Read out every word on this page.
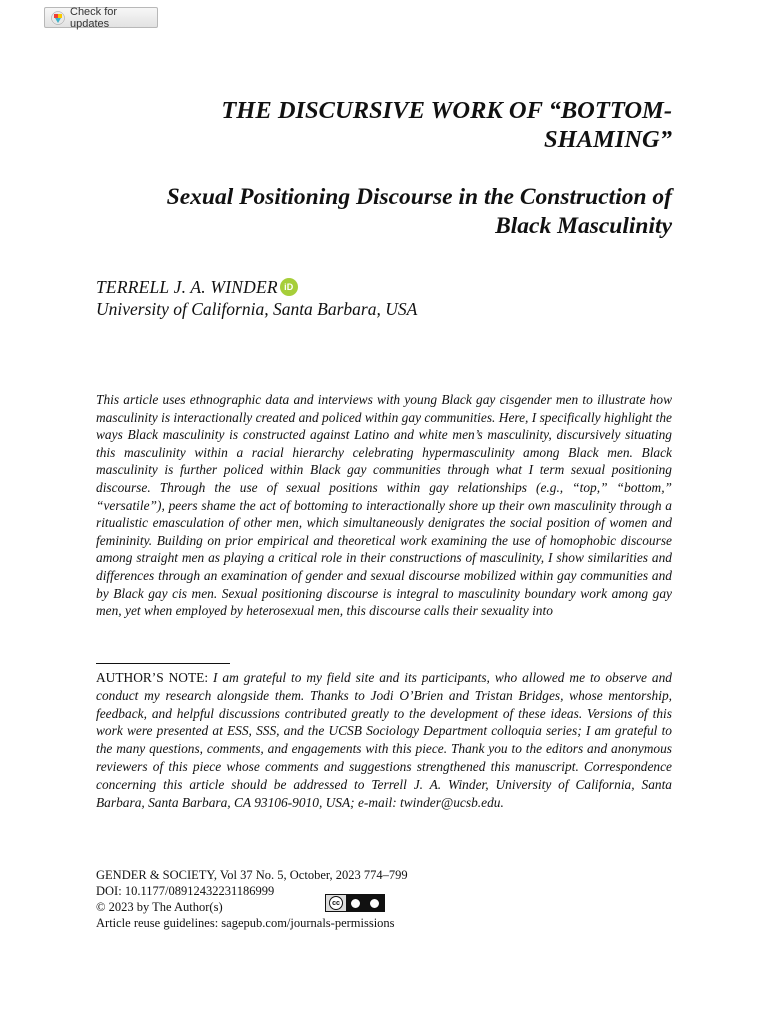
Check for updates
THE DISCURSIVE WORK OF “BOTTOM-SHAMING”
Sexual Positioning Discourse in the Construction of Black Masculinity
TERRELL J. A. WINDER iD
University of California, Santa Barbara, USA
This article uses ethnographic data and interviews with young Black gay cisgender men to illustrate how masculinity is interactionally created and policed within gay communities. Here, I specifically highlight the ways Black masculinity is constructed against Latino and white men’s masculinity, discursively situating this masculinity within a racial hierarchy celebrating hypermasculinity among Black men. Black masculinity is further policed within Black gay communities through what I term sexual positioning discourse. Through the use of sexual positions within gay relationships (e.g., “top,” “bottom,” “versatile”), peers shame the act of bottoming to interactionally shore up their own masculinity through a ritualistic emasculation of other men, which simultaneously denigrates the social position of women and femininity. Building on prior empirical and theoretical work examining the use of homophobic discourse among straight men as playing a critical role in their constructions of masculinity, I show similarities and differences through an examination of gender and sexual discourse mobilized within gay communities and by Black gay cis men. Sexual positioning discourse is integral to masculinity boundary work among gay men, yet when employed by heterosexual men, this discourse calls their sexuality into

AUTHOR’S NOTE: I am grateful to my field site and its participants, who allowed me to observe and conduct my research alongside them. Thanks to Jodi O’Brien and Tristan Bridges, whose mentorship, feedback, and helpful discussions contributed greatly to the development of these ideas. Versions of this work were presented at ESS, SSS, and the UCSB Sociology Department colloquia series; I am grateful to the many questions, comments, and engagements with this piece. Thank you to the editors and anonymous reviewers of this piece whose comments and suggestions strengthened this manuscript. Correspondence concerning this article should be addressed to Terrell J. A. Winder, University of California, Santa Barbara, Santa Barbara, CA 93106-9010, USA; e-mail: twinder@ucsb.edu.

GENDER & SOCIETY, Vol 37 No. 5, October, 2023 774–799
DOI: 10.1177/08912432231186999
© 2023 by The Author(s)
Article reuse guidelines: sagepub.com/journals-permissions
cc
